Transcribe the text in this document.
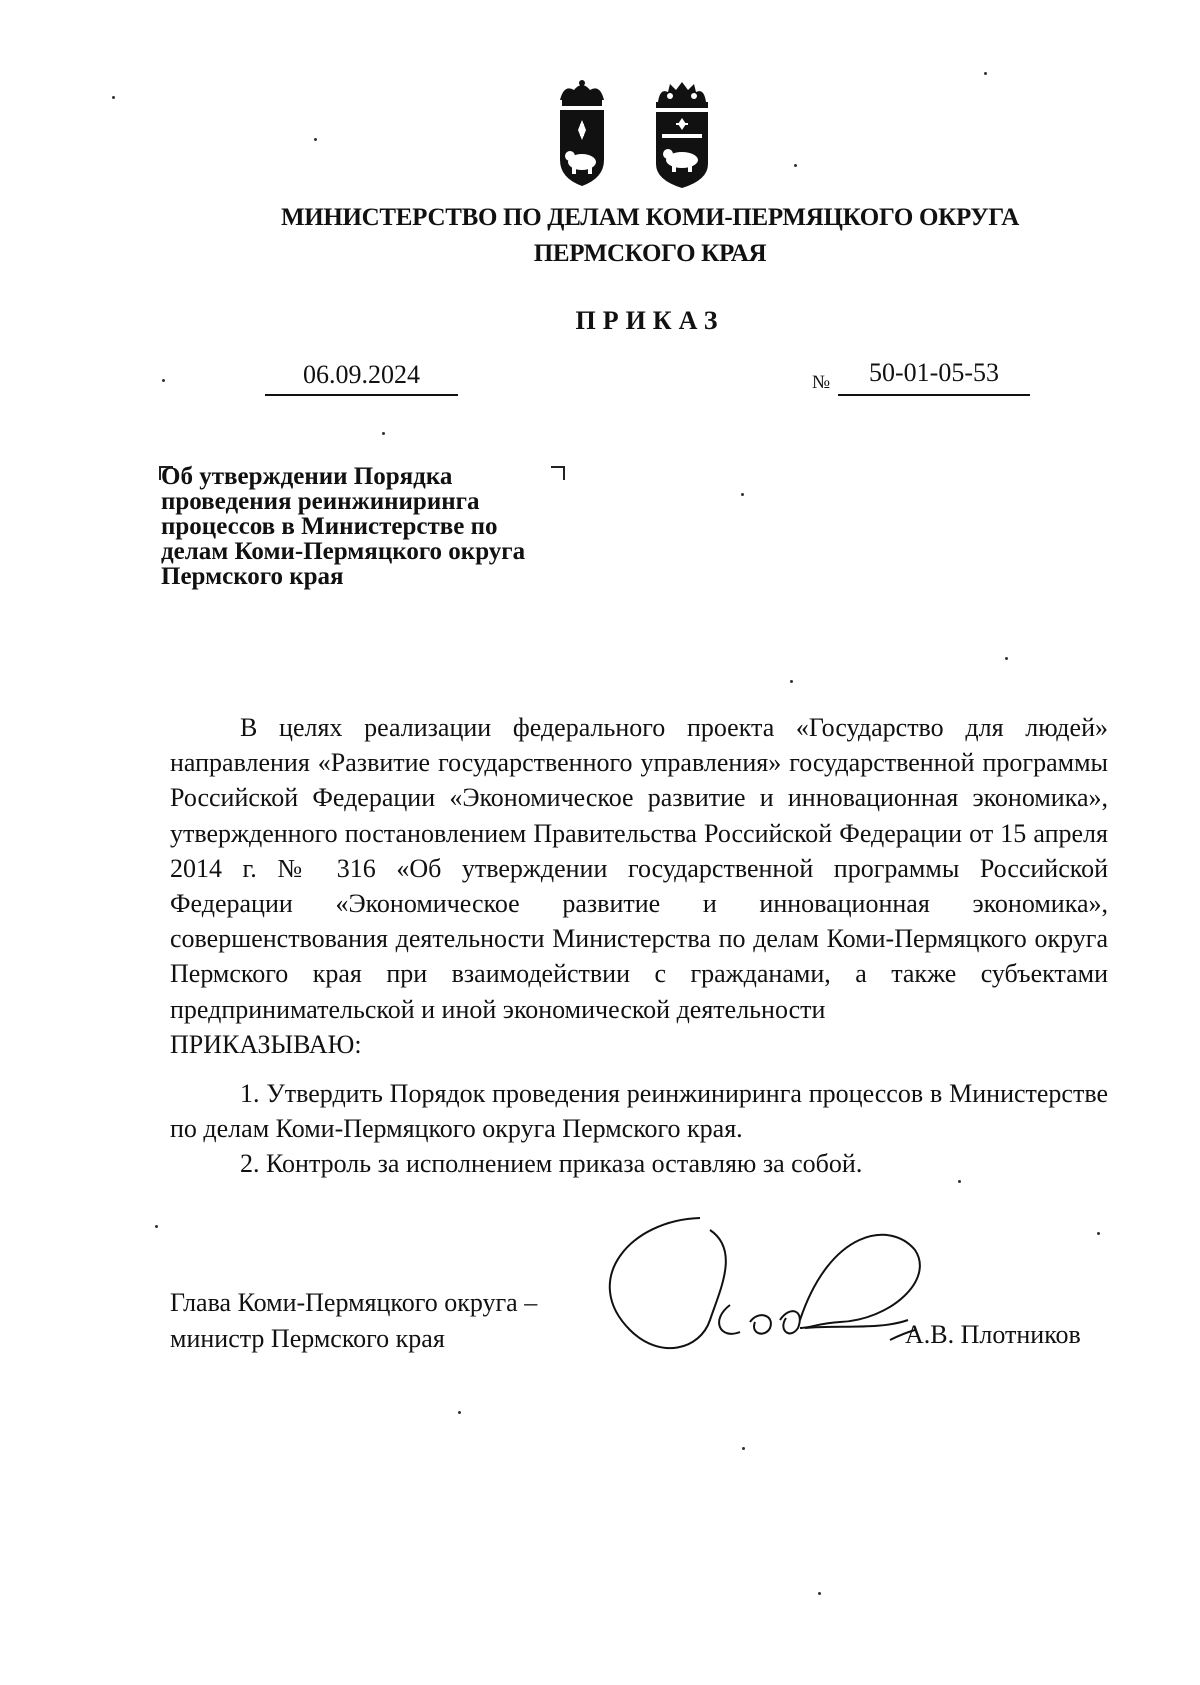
МИНИСТЕРСТВО ПО ДЕЛАМ КОМИ-ПЕРМЯЦКОГО ОКРУГА
ПЕРМСКОГО КРАЯ
ПРИКАЗ
06.09.2024	№	50-01-05-53
Об утверждении Порядка
проведения реинжиниринга
процессов в Министерстве по
делам Коми-Пермяцкого округа
Пермского края

В целях реализации федерального проекта «Государство для людей» направления «Развитие государственного управления» государственной программы Российской Федерации «Экономическое развитие и инновационная экономика», утвержденного постановлением Правительства Российской Федерации от 15 апреля 2014 г. № 316 «Об утверждении государственной программы Российской Федерации «Экономическое развитие и инновационная экономика», совершенствования деятельности Министерства по делам Коми-Пермяцкого округа Пермского края при взаимодействии с гражданами, а также субъектами предпринимательской и иной экономической деятельности

ПРИКАЗЫВАЮ:

1. Утвердить Порядок проведения реинжиниринга процессов в Министерстве по делам Коми-Пермяцкого округа Пермского края.

2. Контроль за исполнением приказа оставляю за собой.

Глава Коми-Пермяцкого округа –
министр Пермского края	А.В. Плотников
